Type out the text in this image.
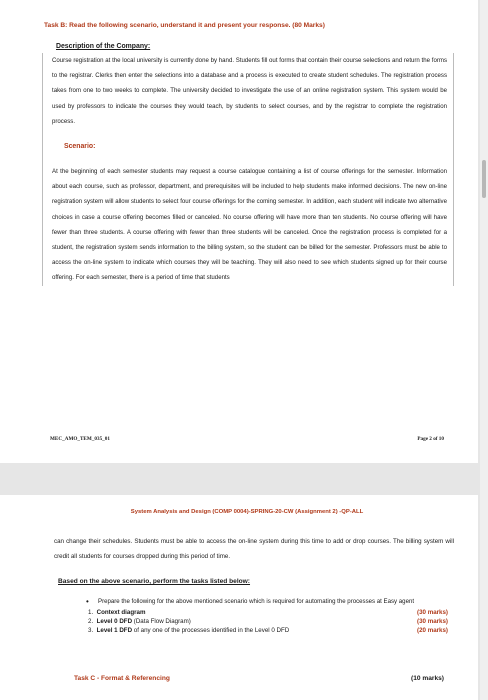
Task B: Read the following scenario, understand it and present your response. (80 Marks)

Description of the Company:

Course registration at the local university is currently done by hand. Students fill out forms that contain their course selections and return the forms to the registrar. Clerks then enter the selections into a database and a process is executed to create student schedules. The registration process takes from one to two weeks to complete. The university decided to investigate the use of an online registration system. This system would be used by professors to indicate the courses they would teach, by students to select courses, and by the registrar to complete the registration process.

Scenario:

At the beginning of each semester students may request a course catalogue containing a list of course offerings for the semester. Information about each course, such as professor, department, and prerequisites will be included to help students make informed decisions. The new on-line registration system will allow students to select four course offerings for the coming semester. In addition, each student will indicate two alternative choices in case a course offering becomes filled or canceled. No course offering will have more than ten students. No course offering will have fewer than three students. A course offering with fewer than three students will be canceled. Once the registration process is completed for a student, the registration system sends information to the billing system, so the student can be billed for the semester. Professors must be able to access the on-line system to indicate which courses they will be teaching. They will also need to see which students signed up for their course offering. For each semester, there is a period of time that students

MEC_AMO_TEM_035_01	Page 2 of 10

System Analysis and Design (COMP 0004)-SPRING-20-CW (Assignment 2) -QP-ALL

can change their schedules. Students must be able to access the on-line system during this time to add or drop courses. The billing system will credit all students for courses dropped during this period of time.

Based on the above scenario, perform the tasks listed below:

•	Prepare the following for the above mentioned scenario which is required for automating the processes at Easy agent
1. Context diagram	(30 marks)
2. Level 0 DFD (Data Flow Diagram)	(30 marks)
3. Level 1 DFD of any one of the processes identified in the Level 0 DFD	(20 marks)
Task C - Format & Referencing	(10 marks)
